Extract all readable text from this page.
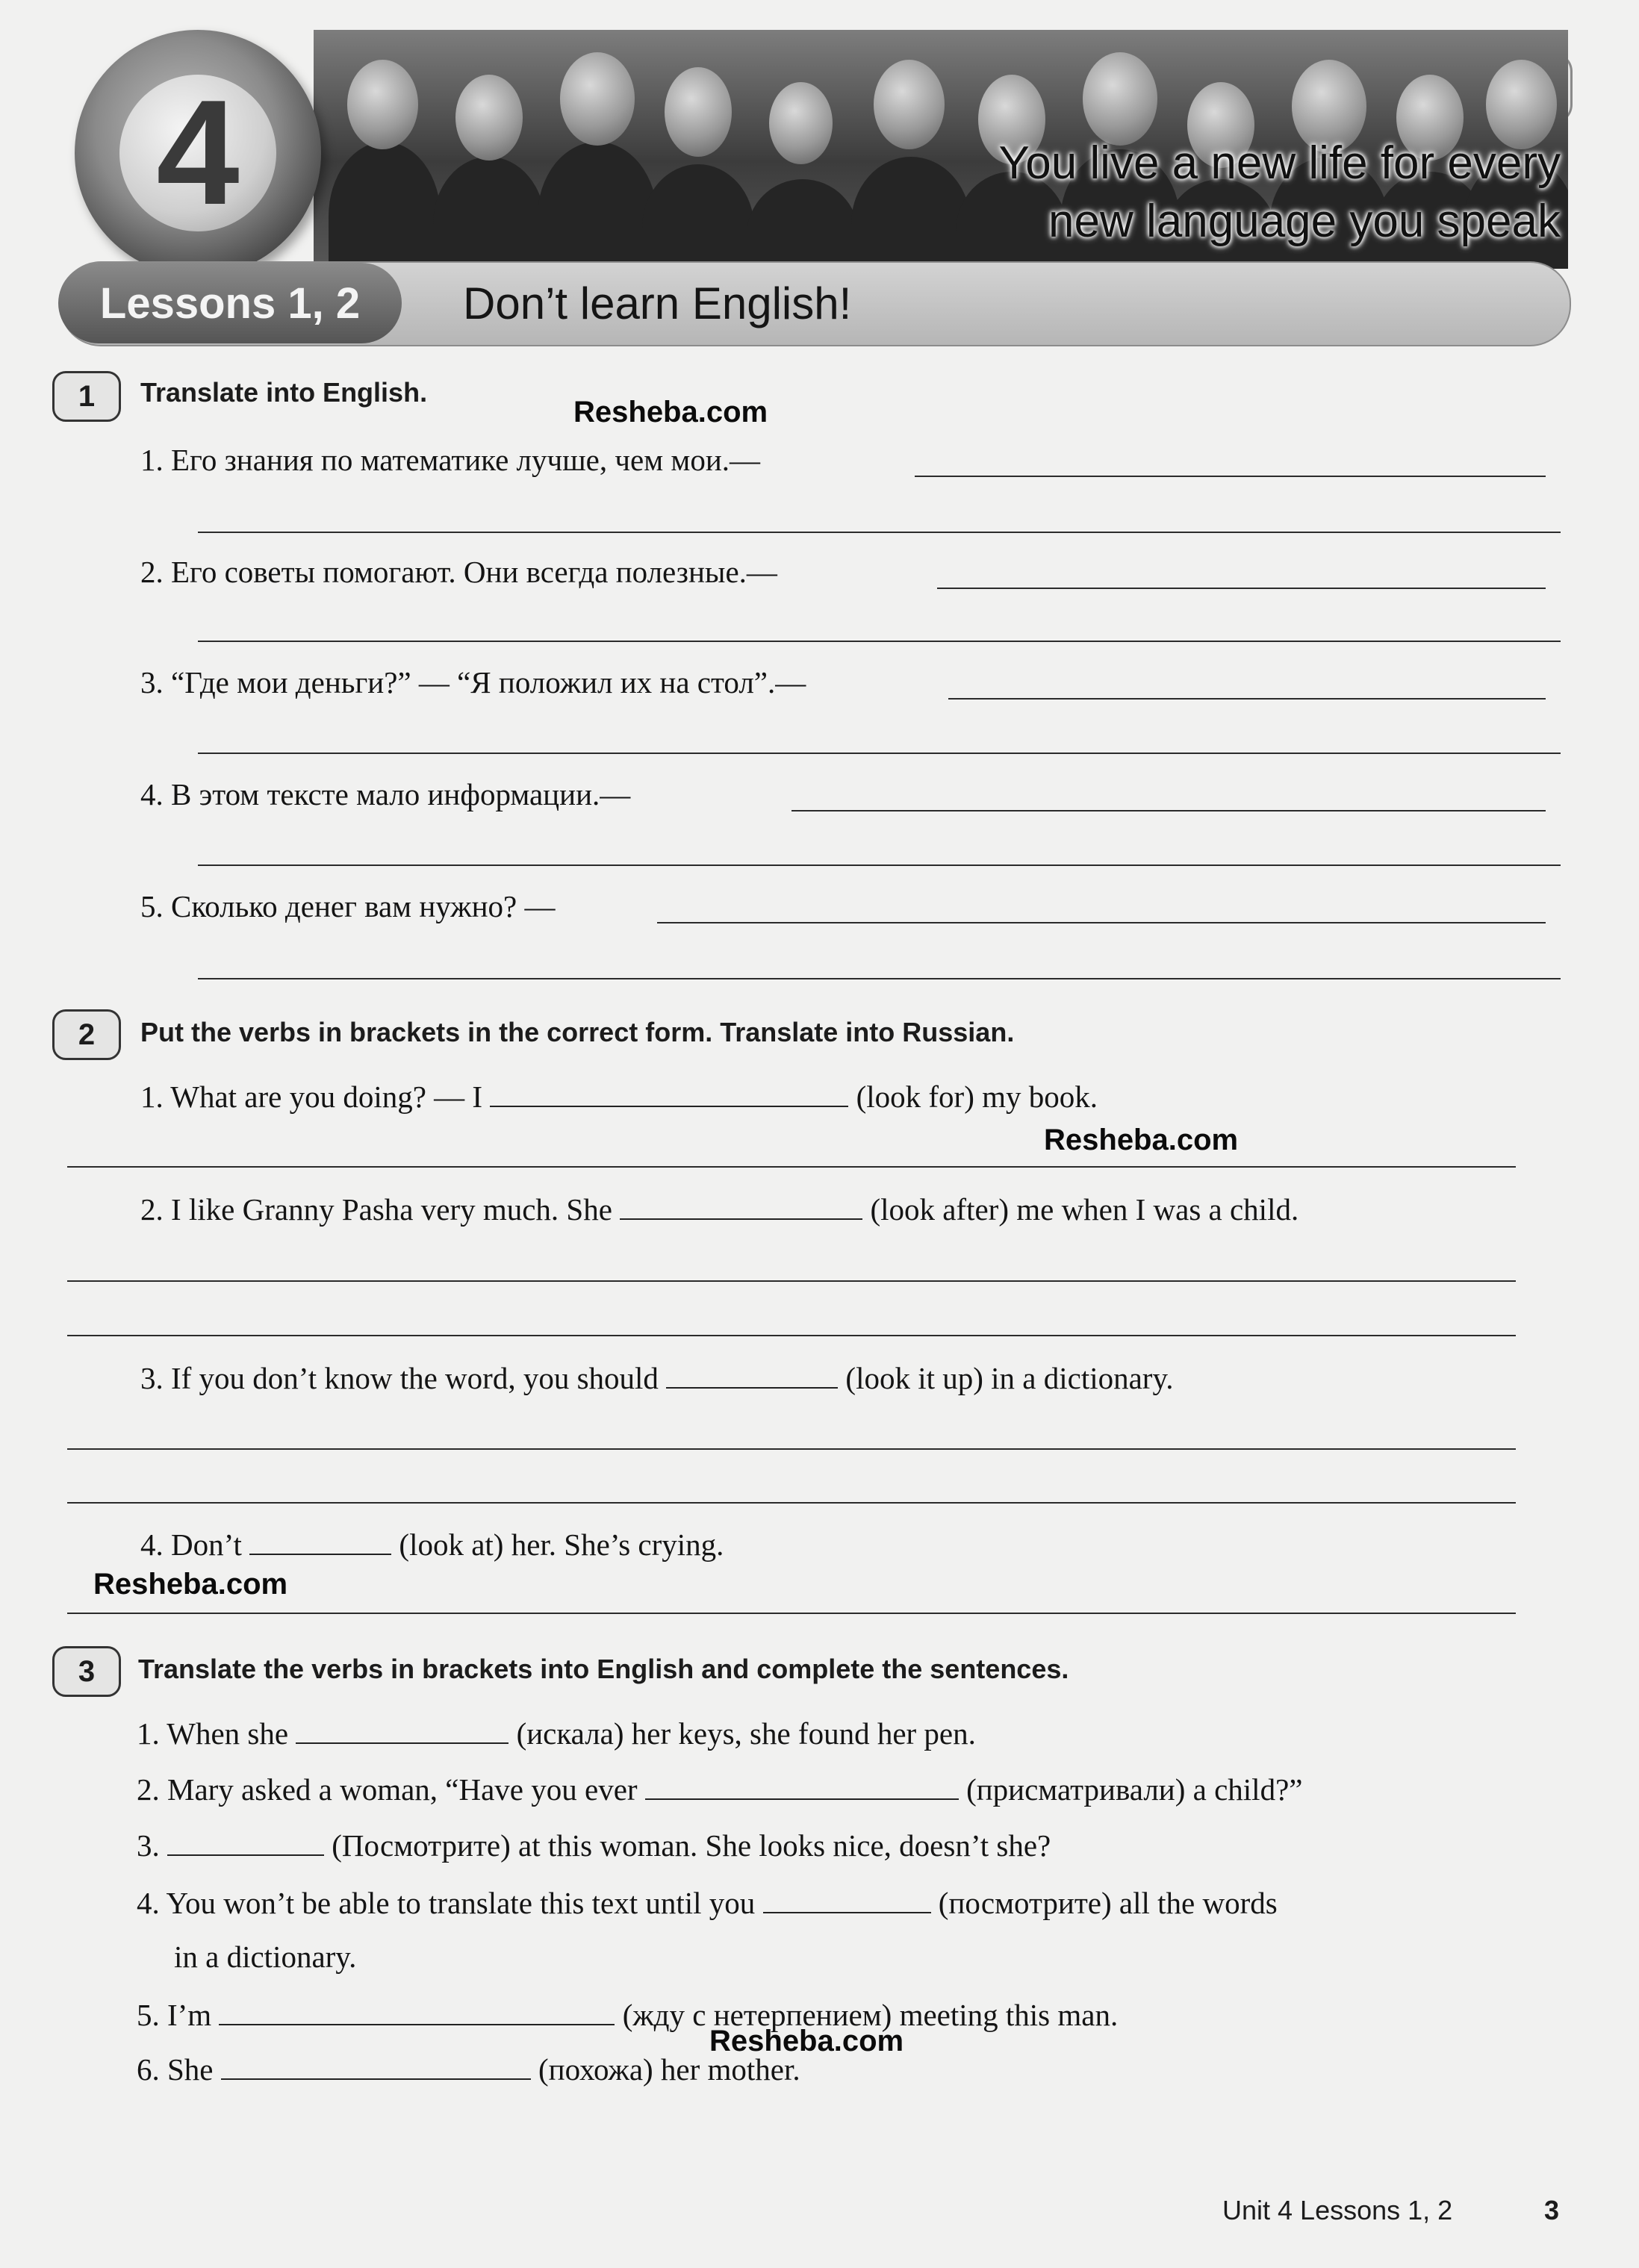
4	You live a new life for every
new language you speak
Lessons 1, 2	Don’t learn English!
1	Translate into English.
Resheba.com
1. Его знания по математике лучше, чем мои.—
2. Его советы помогают. Они всегда полезные.—
3. “Где мои деньги?” — “Я положил их на стол”.—
4. В этом тексте мало информации.—
5. Сколько денег вам нужно? —
2	Put the verbs in brackets in the correct form. Translate into Russian.
1. What are you doing? — I	(look for) my book.
Resheba.com
2. I like Granny Pasha very much. She	(look after) me when I was a child.
3. If you don’t know the word, you should	(look it up) in a dictionary.
4. Don’t	(look at) her. She’s crying.
Resheba.com
3	Translate the verbs in brackets into English and complete the sentences.
1. When she	(искала) her keys, she found her pen.
2. Mary asked a woman, “Have you ever	(присматривали) a child?”
3.	(Посмотрите) at this woman. She looks nice, doesn’t she?
4. You won’t be able to translate this text until you	(посмотрите) all the words
in a dictionary.
5. I’m	(жду с нетерпением) meeting this man.
Resheba.com
6. She	(похожа) her mother.
Unit 4 Lessons 1, 2	3
